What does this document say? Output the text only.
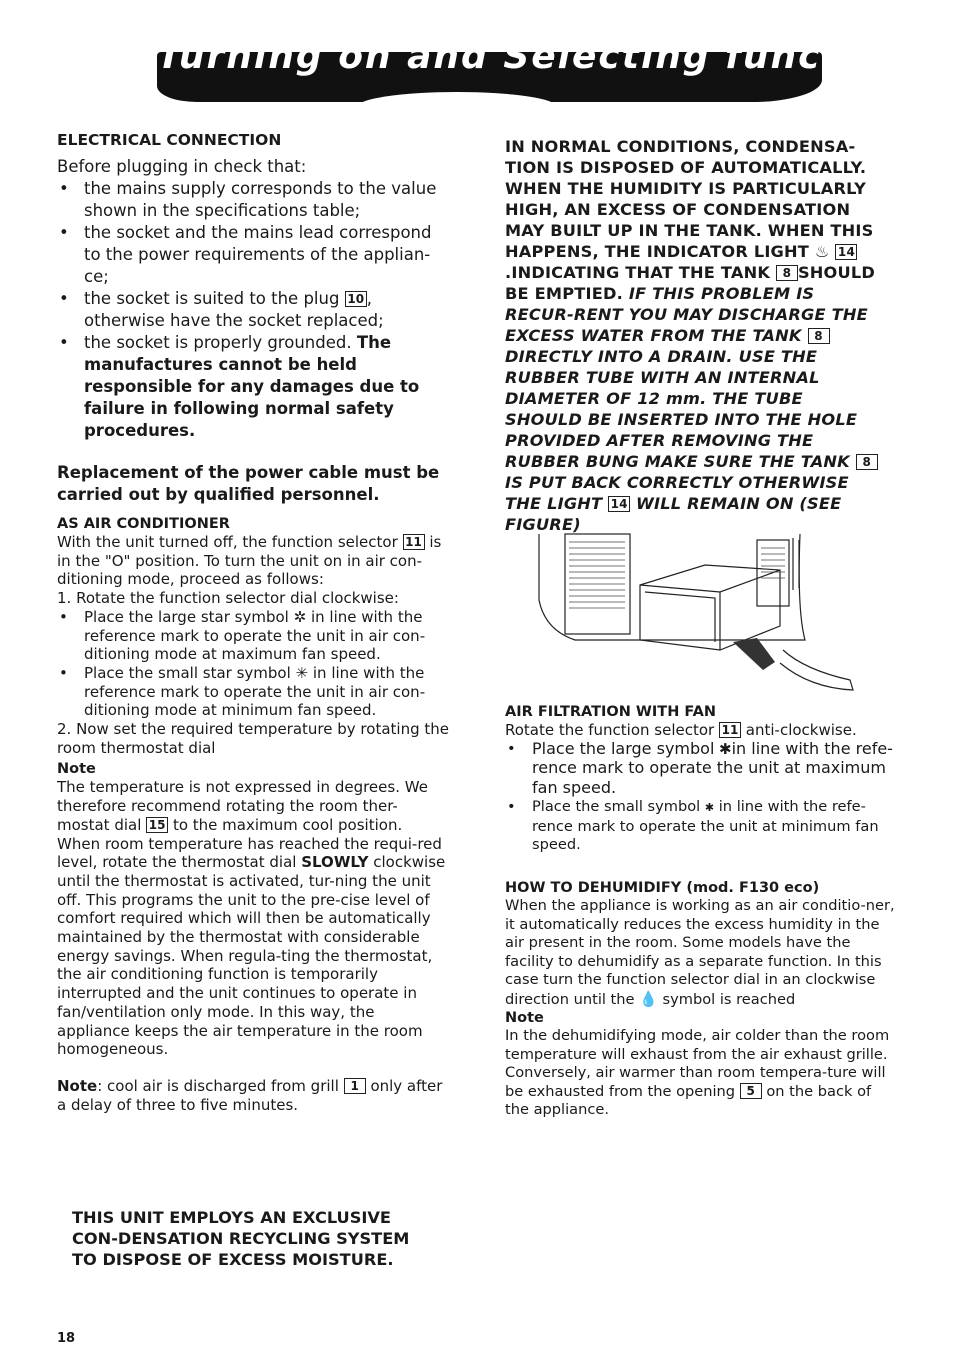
Turning on and Selecting functions

ELECTRICAL CONNECTION

Before plugging in check that:

• the mains supply corresponds to the value shown in the specifications table;
• the socket and the mains lead correspond to the power requirements of the applian-ce;
• the socket is suited to the plug 10 , otherwise have the socket replaced;
• the socket is properly grounded. The manufactures cannot be held responsible for any damages due to failure in following normal safety procedures.

Replacement of the power cable must be carried out by qualified personnel.

AS AIR CONDITIONER

With the unit turned off, the function selector 11 is in the "O" position. To turn the unit on in air con-ditioning mode, proceed as follows:

1. Rotate the function selector dial clockwise:

• Place the large star symbol ✲ in line with the reference mark to operate the unit in air con-ditioning mode at maximum fan speed.
• Place the small star symbol ✳ in line with the reference mark to operate the unit in air con-ditioning mode at minimum fan speed.

2. Now set the required temperature by rotating the room thermostat dial

Note

The temperature is not expressed in degrees. We therefore recommend rotating the room ther-mostat dial 15 to the maximum cool position. When room temperature has reached the requi-red level, rotate the thermostat dial SLOWLY clockwise until the thermostat is activated, tur-ning the unit off. This programs the unit to the pre-cise level of comfort required which will then be automatically maintained by the thermostat with considerable energy savings. When regula-ting the thermostat, the air conditioning function is temporarily interrupted and the unit continues to operate in fan/ventilation only mode. In this way, the appliance keeps the air temperature in the room homogeneous.

Note: cool air is discharged from grill 1 only after a delay of three to five minutes.

THIS UNIT EMPLOYS AN EXCLUSIVE CON-DENSATION RECYCLING SYSTEM TO DISPOSE OF EXCESS MOISTURE.

IN NORMAL CONDITIONS, CONDENSA-TION IS DISPOSED OF AUTOMATICALLY. WHEN THE HUMIDITY IS PARTICULARLY HIGH, AN EXCESS OF CONDENSATION MAY BUILT UP IN THE TANK. WHEN THIS HAPPENS, THE INDICATOR LIGHT ♨ 14 .INDICATING THAT THE TANK 8 SHOULD BE EMPTIED. IF THIS PROBLEM IS RECUR-RENT YOU MAY DISCHARGE THE EXCESS WATER FROM THE TANK 8 DIRECTLY INTO A DRAIN. USE THE RUBBER TUBE WITH AN INTERNAL DIAMETER OF 12 mm. THE TUBE SHOULD BE INSERTED INTO THE HOLE PROVIDED AFTER REMOVING THE RUBBER BUNG MAKE SURE THE TANK 8 IS PUT BACK CORRECTLY OTHERWISE THE LIGHT 14 WILL REMAIN ON (SEE FIGURE)

AIR FILTRATION WITH FAN

Rotate the function selector 11 anti-clockwise.

• Place the large symbol ✱in line with the refe-rence mark to operate the unit at maximum fan speed.
• Place the small symbol ✱ in line with the refe-rence mark to operate the unit at minimum fan speed.

HOW TO DEHUMIDIFY (mod. F130 eco)

When the appliance is working as an air conditio-ner, it automatically reduces the excess humidity in the air present in the room. Some models have the facility to dehumidify as a separate function. In this case turn the function selector dial in an clockwise direction until the 💧 symbol is reached

Note

In the dehumidifying mode, air colder than the room temperature will exhaust from the air exhaust grille. Conversely, air warmer than room tempera-ture will be exhausted from the opening 5 on the back of the appliance.

18
